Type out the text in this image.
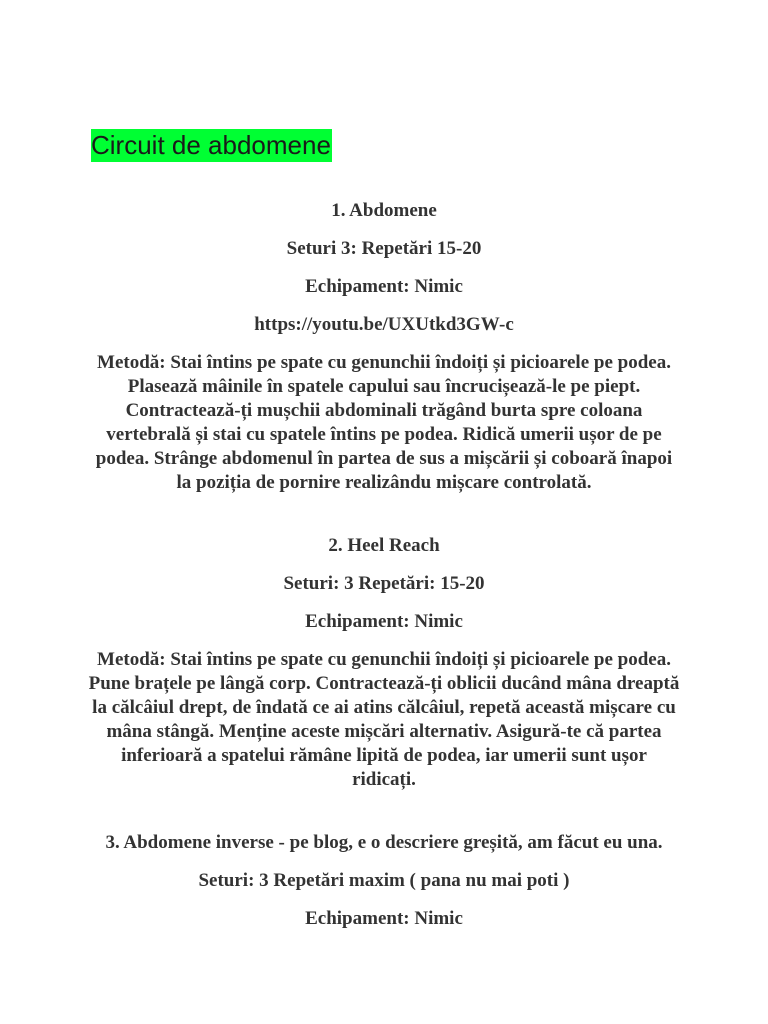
Circuit de abdomene
1. Abdomene
Seturi 3: Repetări 15-20
Echipament: Nimic
https://youtu.be/UXUtkd3GW-c
Metodă: Stai întins pe spate cu genunchii îndoiți și picioarele pe podea. Plasează mâinile în spatele capului sau încrucișează-le pe piept. Contractează-ți mușchii abdominali trăgând burta spre coloana vertebrală și stai cu spatele întins pe podea. Ridică umerii ușor de pe podea. Strânge abdomenul în partea de sus a mișcării și coboară înapoi la poziția de pornire realizându mișcare controlată.
2. Heel Reach
Seturi: 3 Repetări: 15-20
Echipament: Nimic
Metodă: Stai întins pe spate cu genunchii îndoiți și picioarele pe podea. Pune brațele pe lângă corp. Contractează-ți oblicii ducând mâna dreaptă la călcâiul drept, de îndată ce ai atins călcâiul, repetă această mișcare cu mâna stângă. Menține aceste mișcări alternativ. Asigură-te că partea inferioară a spatelui rămâne lipită de podea, iar umerii sunt ușor ridicați.
3. Abdomene inverse - pe blog, e o descriere greșită, am făcut eu una.
Seturi: 3 Repetări maxim ( pana nu mai poti )
Echipament: Nimic
